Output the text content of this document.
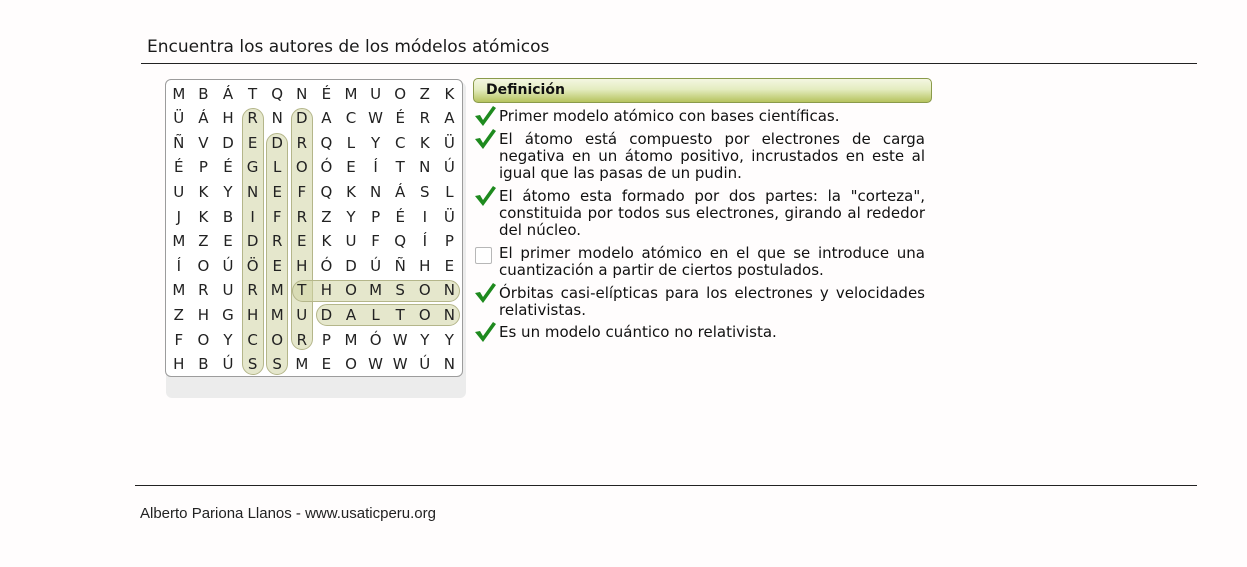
Encuentra los autores de los módelos atómicos
M B Á T Q N É M U O Z K
Ü Á H R N D A C W É R A
Ñ V D E D R Q L	Y C K Ü
É	P	É G L O Ó E	Í	T N Ú
U K	Y N E	F Q K N Á S	L
J	K B	I	F	R Z Y	P	É	I	Ü
M Z E D R E K U F Q	Í	P
Í	O Ú Ö E H Ó D Ú Ñ H E
M R U R M T H O M S O N
Z H G H M U D A	L	T O N
F O Y C O R P M Ó W Y	Y
H B Ú S	S M E O W W Ú N
Definición
Primer modelo atómico con bases científicas.
El átomo está compuesto por electrones de carga negativa en un átomo positivo, incrustados en este al igual que las pasas de un pudin.
El átomo esta formado por dos partes: la "corteza", constituida por todos sus electrones, girando al rededor del núcleo.
El primer modelo atómico en el que se introduce una cuantización a partir de ciertos postulados.
Órbitas casi-elípticas para los electrones y velocidades relativistas.
Es un modelo cuántico no relativista.
Alberto Pariona Llanos - www.usaticperu.org
